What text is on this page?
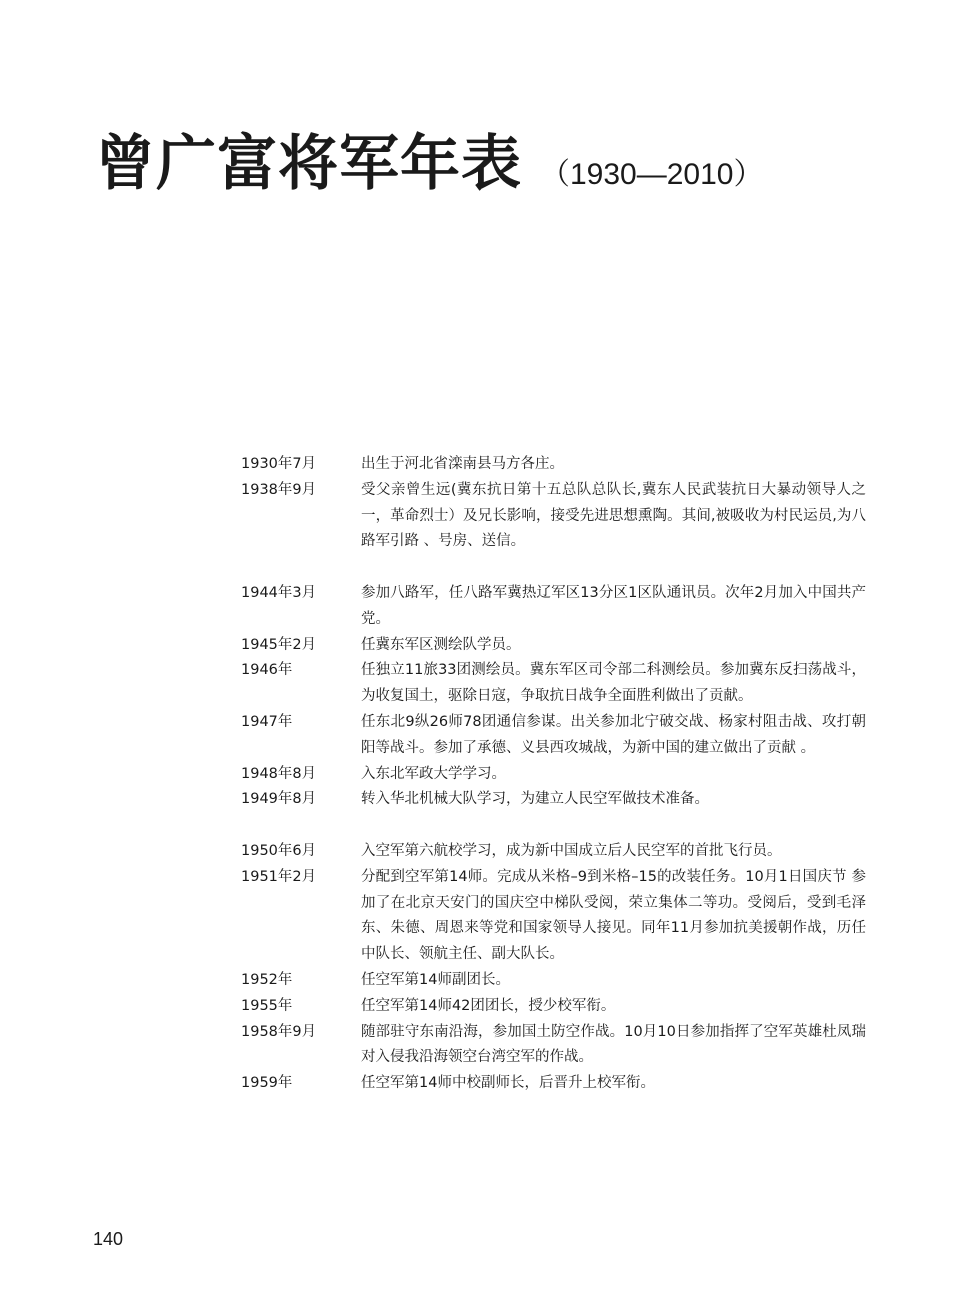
曾广富将军年表 （1930—2010）
1930年7月	出生于河北省滦南县马方各庄。
1938年9月	受父亲曾生远(冀东抗日第十五总队总队长,冀东人民武装抗日大暴动领导人之一，革命烈士）及兄长影响，接受先进思想熏陶。其间,被吸收为村民运员,为八路军引路 、号房、送信。
1944年3月	参加八路军，任八路军冀热辽军区13分区1区队通讯员。次年2月加入中国共产党。
1945年2月	任冀东军区测绘队学员。
1946年	任独立11旅33团测绘员。冀东军区司令部二科测绘员。参加冀东反扫荡战斗，为收复国土，驱除日寇，争取抗日战争全面胜利做出了贡献。
1947年	任东北9纵26师78团通信参谋。出关参加北宁破交战、杨家村阻击战、攻打朝阳等战斗。参加了承德、义县西攻城战，为新中国的建立做出了贡献 。
1948年8月	入东北军政大学学习。
1949年8月	转入华北机械大队学习，为建立人民空军做技术准备。
1950年6月	入空军第六航校学习，成为新中国成立后人民空军的首批飞行员。
1951年2月	分配到空军第14师。完成从米格–9到米格–15的改装任务。10月1日国庆节 参加了在北京天安门的国庆空中梯队受阅，荣立集体二等功。受阅后，受到毛泽东、朱德、周恩来等党和国家领导人接见。同年11月参加抗美援朝作战，历任中队长、领航主任、副大队长。
1952年	任空军第14师副团长。
1955年	任空军第14师42团团长，授少校军衔。
1958年9月	随部驻守东南沿海，参加国土防空作战。10月10日参加指挥了空军英雄杜凤瑞对入侵我沿海领空台湾空军的作战。
1959年	任空军第14师中校副师长，后晋升上校军衔。
140
